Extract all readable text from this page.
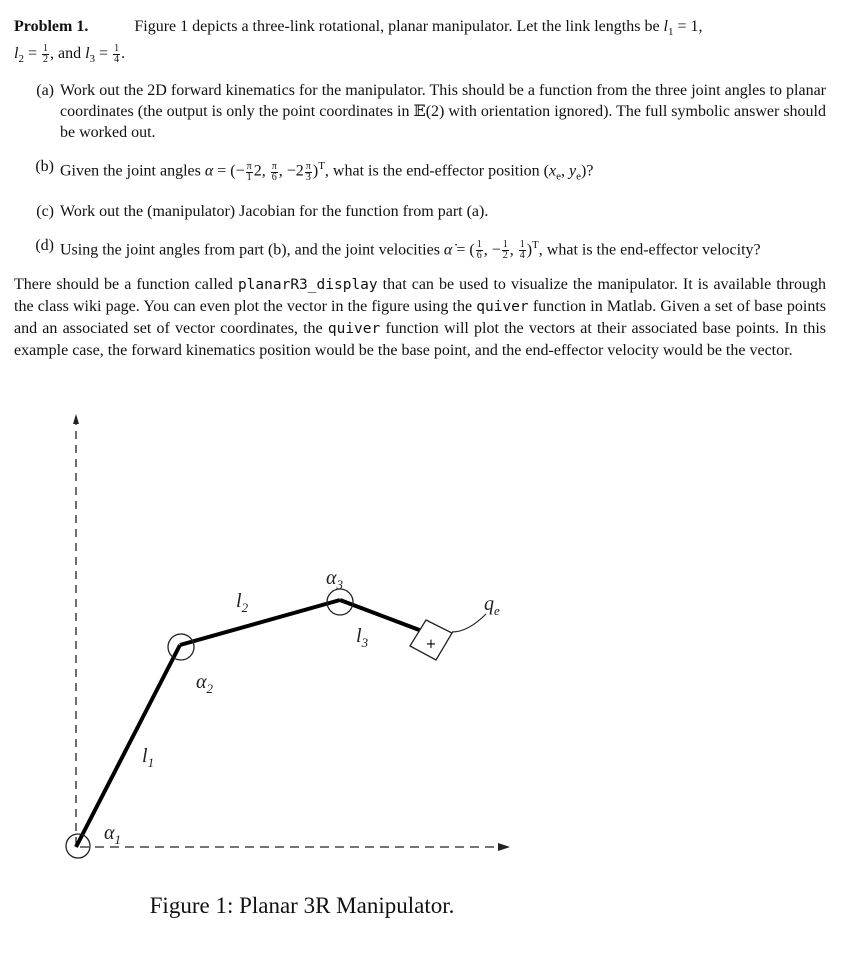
Problem 1.	Figure 1 depicts a three-link rotational, planar manipulator. Let the link lengths be $l_1 = 1$,
$l_2 = \frac{1}{2}$ , and $l_3 = \frac{1}{4}$ .
(a) Work out the 2D forward kinematics for the manipulator. This should be a function from the three joint angles to planar coordinates (the output is only the point coordinates in 𝔼(2) with orientation ignored). The full symbolic answer should be worked out.
(b) Given the joint angles α = (− $\frac{\pi}{1} 2$, $\frac{\pi}{6}$ , $-2 \frac{\pi}{3} )^T$, what is the end-effector position ($x_e$, $y_e$)?
(c) Work out the (manipulator) Jacobian for the function from part (a).
(d) Using the joint angles from part (b), and the joint velocities α̇ = ( $\frac{1}{6}$ , − $\frac{1}{2}$ , $\frac{1}{4} )^T$, what is the end-effector velocity?
There should be a function called planarR3_display that can be used to visualize the manipulator. It is available through the class wiki page. You can even plot the vector in the figure using the quiver function in Matlab. Given a set of base points and an associated set of vector coordinates, the quiver function will plot the vectors at their associated base points. In this example case, the forward kinematics position would be the base point, and the end-effector velocity would be the vector.
+
$\alpha_1$
$\alpha_2$
$\alpha_3$
$l_1$
$l_2$
$l_3$
$q_e$
Figure 1: Planar 3R Manipulator.
